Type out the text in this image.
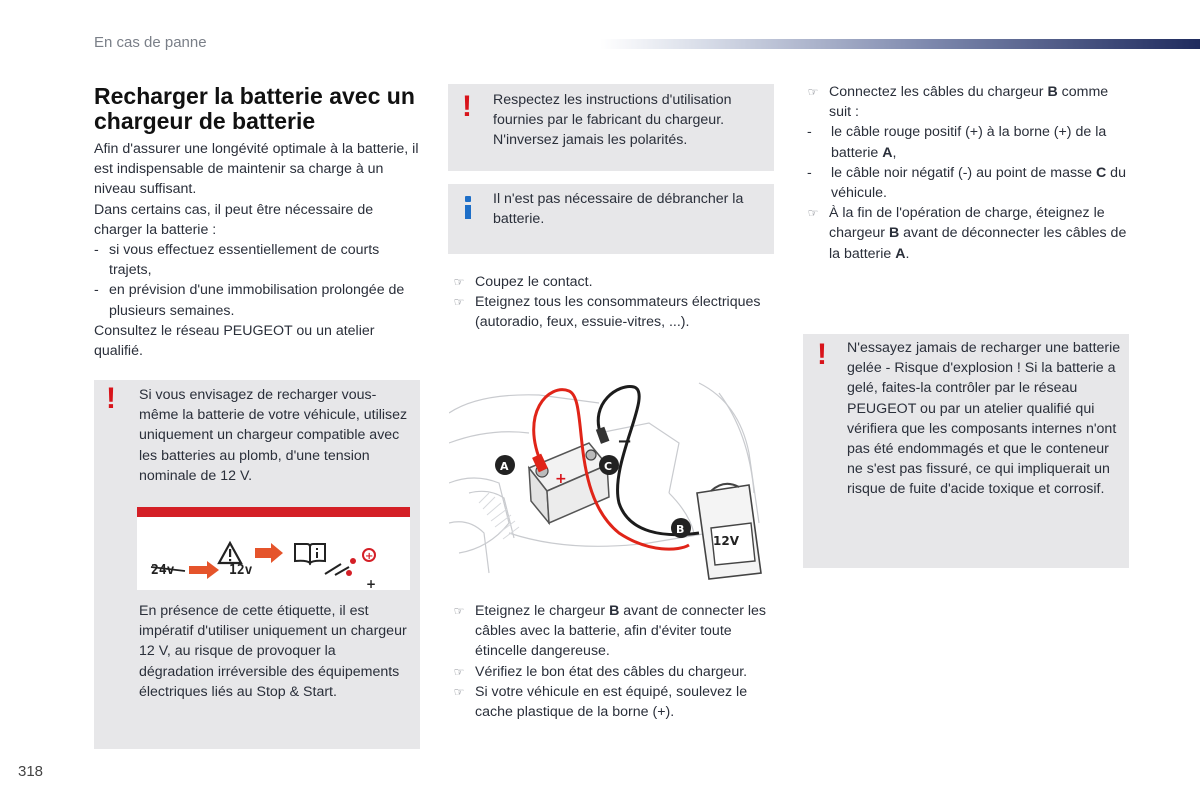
En cas de panne
Recharger la batterie avec un chargeur de batterie
Afin d'assurer une longévité optimale à la batterie, il est indispensable de maintenir sa charge à un niveau suffisant.
Dans certains cas, il peut être nécessaire de charger la batterie :
- si vous effectuez essentiellement de courts trajets,
- en prévision d'une immobilisation prolongée de plusieurs semaines.
Consultez le réseau PEUGEOT ou un atelier qualifié.
! Si vous envisagez de recharger vous-même la batterie de votre véhicule, utilisez uniquement un chargeur compatible avec les batteries au plomb, d'une tension nominale de 12 V.
+
+
24v	12v
En présence de cette étiquette, il est impératif d'utiliser uniquement un chargeur 12 V, au risque de provoquer la dégradation irréversible des équipements électriques liés au Stop & Start.
! Respectez les instructions d'utilisation fournies par le fabricant du chargeur. N'inversez jamais les polarités.
Il n'est pas nécessaire de débrancher la batterie.
☞ Coupez le contact.
☞ Eteignez tous les consommateurs électriques (autoradio, feux, essuie-vitres, ...).
+
−
12V
A	C
B
☞ Eteignez le chargeur B avant de connecter les câbles avec la batterie, afin d'éviter toute étincelle dangereuse.
☞ Vérifiez le bon état des câbles du chargeur.
☞ Si votre véhicule en est équipé, soulevez le cache plastique de la borne (+).
☞ Connectez les câbles du chargeur B comme suit :
- le câble rouge positif (+) à la borne (+) de la batterie A,
- le câble noir négatif (-) au point de masse C du véhicule.
☞ À la fin de l'opération de charge, éteignez le chargeur B avant de déconnecter les câbles de la batterie A.
! N'essayez jamais de recharger une batterie gelée - Risque d'explosion ! Si la batterie a gelé, faites-la contrôler par le réseau PEUGEOT ou par un atelier qualifié qui vérifiera que les composants internes n'ont pas été endommagés et que le conteneur ne s'est pas fissuré, ce qui impliquerait un risque de fuite d'acide toxique et corrosif.
318
